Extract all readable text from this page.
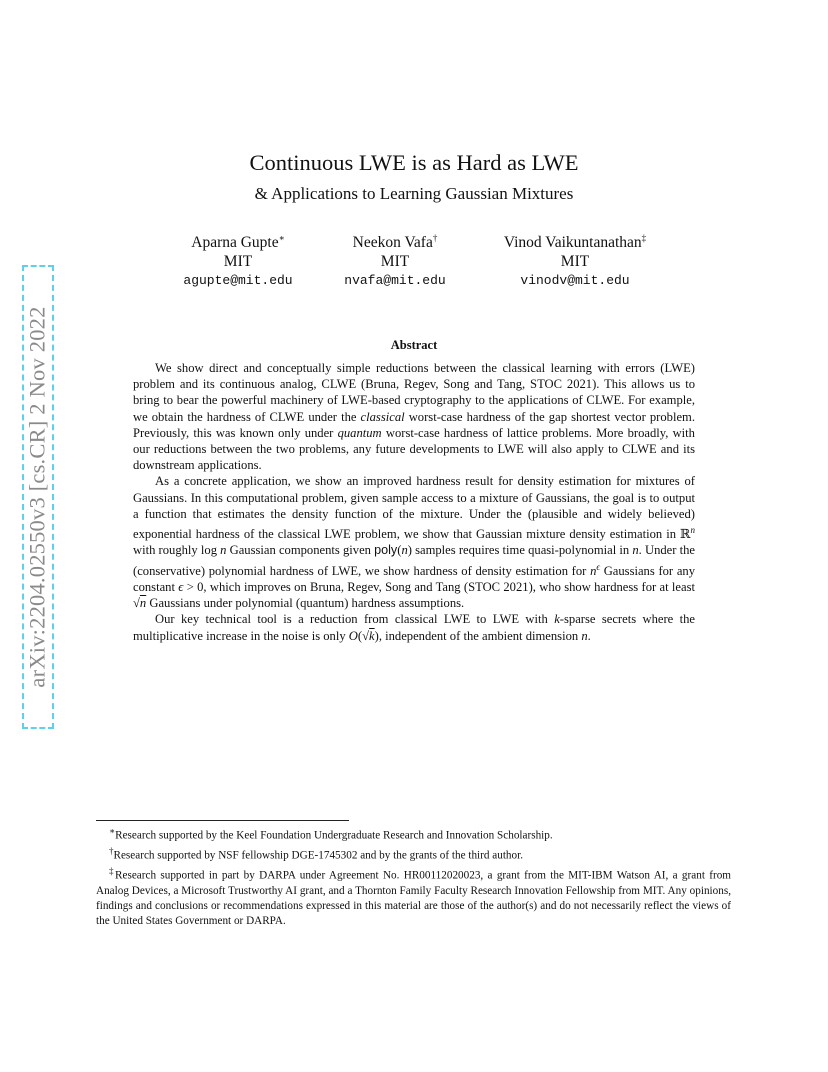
arXiv:2204.02550v3 [cs.CR] 2 Nov 2022
Continuous LWE is as Hard as LWE
& Applications to Learning Gaussian Mixtures
Aparna Gupte∗
MIT
agupte@mit.edu
Neekon Vafa†
MIT
nvafa@mit.edu
Vinod Vaikuntanathan‡
MIT
vinodv@mit.edu
Abstract

We show direct and conceptually simple reductions between the classical learning with errors (LWE) problem and its continuous analog, CLWE (Bruna, Regev, Song and Tang, STOC 2021). This allows us to bring to bear the powerful machinery of LWE-based cryptography to the applications of CLWE. For example, we obtain the hardness of CLWE under the classical worst-case hardness of the gap shortest vector problem. Previously, this was known only under quantum worst-case hardness of lattice problems. More broadly, with our reductions between the two problems, any future developments to LWE will also apply to CLWE and its downstream applications.

As a concrete application, we show an improved hardness result for density estimation for mixtures of Gaussians. In this computational problem, given sample access to a mixture of Gaussians, the goal is to output a function that estimates the density function of the mixture. Under the (plausible and widely believed) exponential hardness of the classical LWE problem, we show that Gaussian mixture density estimation in ℝ$^n$ with roughly log n Gaussian components given poly(n) samples requires time quasi-polynomial in n. Under the (conservative) polynomial hardness of LWE, we show hardness of density estimation for $n^\epsilon$ Gaussians for any constant ϵ > 0, which improves on Bruna, Regev, Song and Tang (STOC 2021), who show hardness for at least √n Gaussians under polynomial (quantum) hardness assumptions.

Our key technical tool is a reduction from classical LWE to LWE with k-sparse secrets where the multiplicative increase in the noise is only O(√k), independent of the ambient dimension n.

∗Research supported by the Keel Foundation Undergraduate Research and Innovation Scholarship.

†Research supported by NSF fellowship DGE-1745302 and by the grants of the third author.

‡Research supported in part by DARPA under Agreement No. HR00112020023, a grant from the MIT-IBM Watson AI, a grant from Analog Devices, a Microsoft Trustworthy AI grant, and a Thornton Family Faculty Research Innovation Fellowship from MIT. Any opinions, findings and conclusions or recommendations expressed in this material are those of the author(s) and do not necessarily reflect the views of the United States Government or DARPA.
